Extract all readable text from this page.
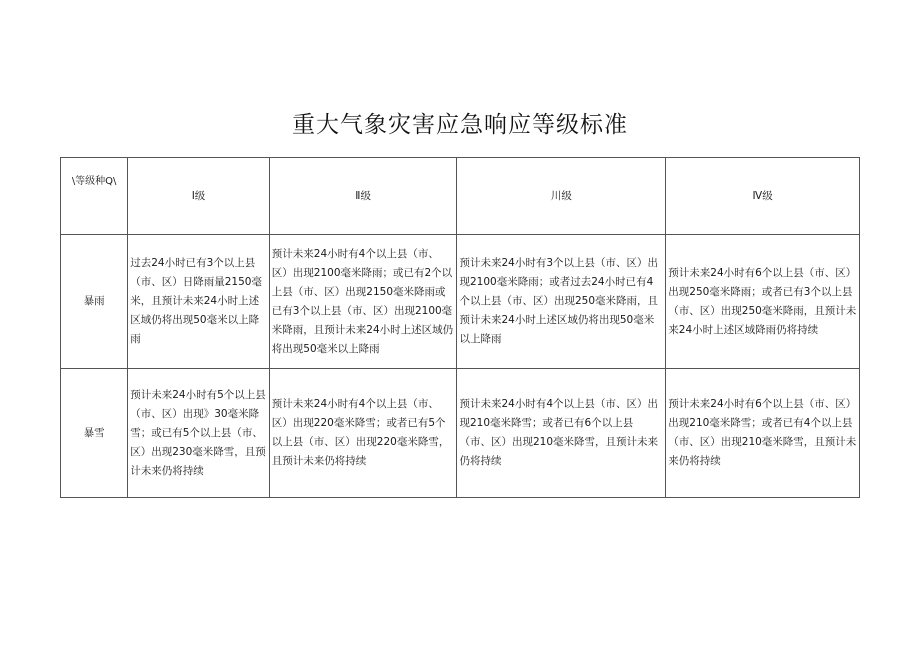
重大气象灾害应急响应等级标准
\等级种Q\	I级	Ⅱ级	川级	Ⅳ级
暴雨	过去24小时已有3个以上县（市、区）日降雨量2150毫米，且预计未来24小时上述区域仍将出现50毫米以上降雨	预计未来24小时有4个以上县（市、区）出现2100毫米降雨；或已有2个以上县（市、区）出现2150毫米降雨或已有3个以上县（市、区）出现2100毫米降雨，且预计未来24小时上述区域仍将出现50毫米以上降雨	预计未来24小时有3个以上县（市、区）出现2100毫米降雨；或者过去24小时已有4个以上县（市、区）出现250毫米降雨，且预计未来24小时上述区域仍将出现50毫米以上降雨	预计未来24小时有6个以上县（市、区）出现250毫米降雨；或者已有3个以上县（市、区）出现250毫米降雨，且预计未来24小时上述区域降雨仍将持续
暴雪	预计未来24小时有5个以上县（市、区）出现》30毫米降雪；或已有5个以上县（市、区）出现230毫米降雪，且预计未来仍将持续	预计未来24小时有4个以上县（市、区）出现220毫米降雪；或者已有5个以上县（市、区）出现220毫米降雪，且预计未来仍将持续	预计未来24小时有4个以上县（市、区）出现210毫米降雪；或者已有6个以上县（市、区）出现210毫米降雪，且预计未来仍将持续	预计未来24小时有6个以上县（市、区）出现210毫米降雪；或者已有4个以上县（市、区）出现210毫米降雪，且预计未来仍将持续
